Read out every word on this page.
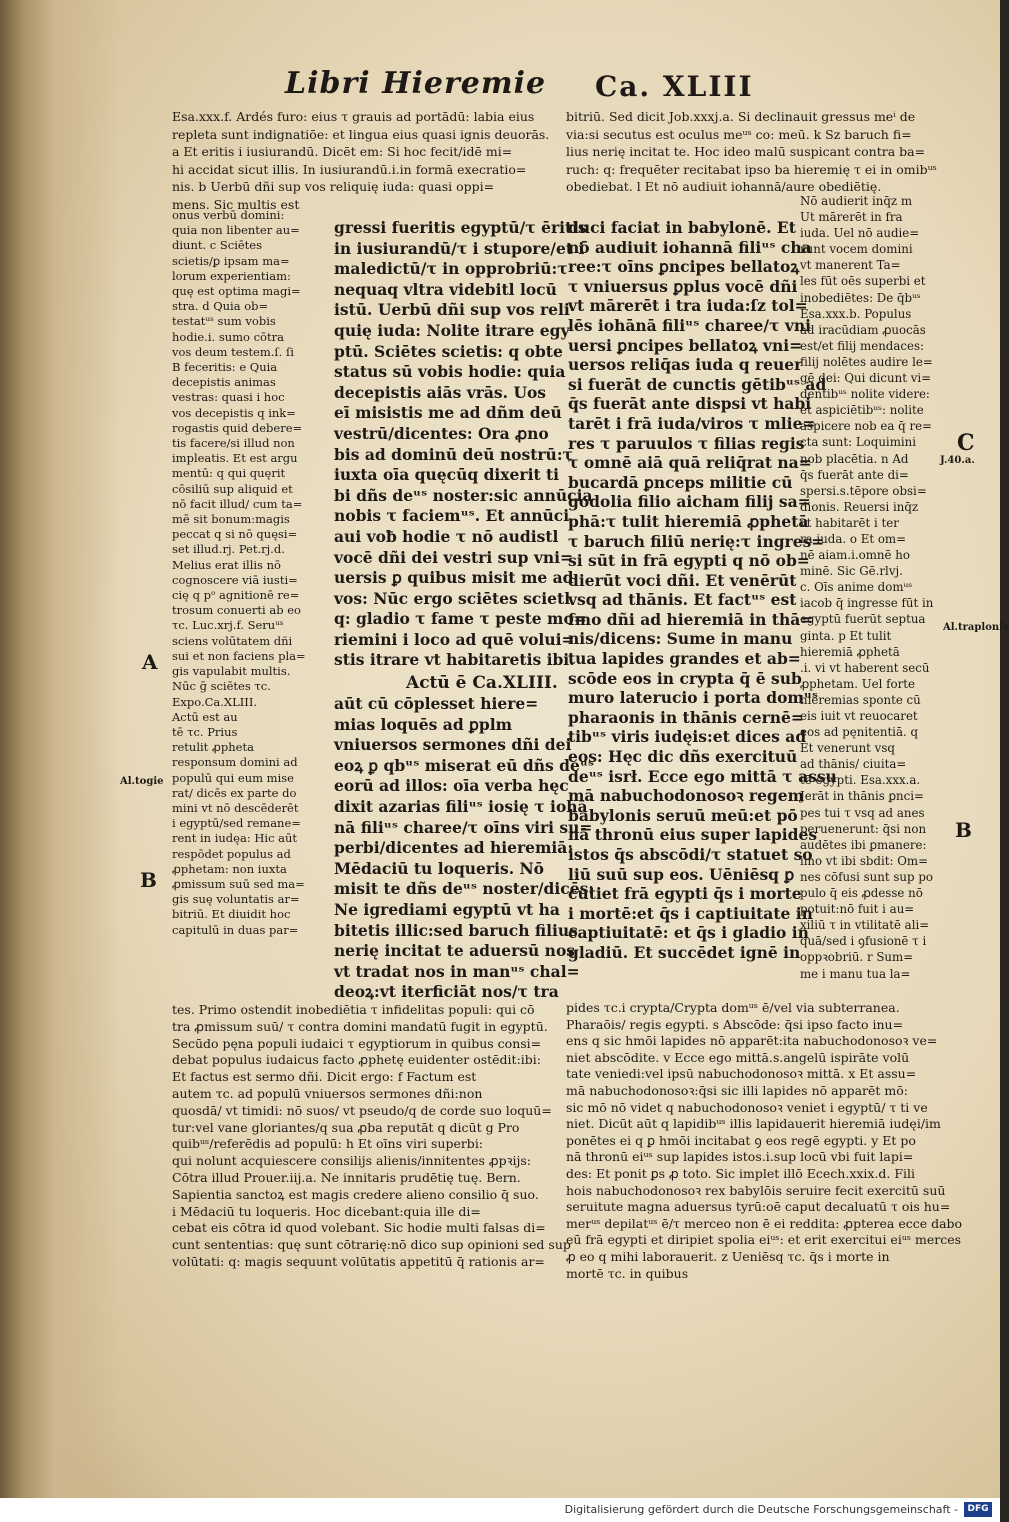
Libri Hieremie Ca. XLIII
Esa.xxx.f. Ardés furo: eius τ grauis ad portādū: labia eius
repleta sunt indignatiōe: et lingua eius quasi ignis deuorās.
a Et eritis i iusiurandū. Dicēt em: Si hoc fecit/idē mi=
hi accidat sicut illis. In iusiurandū.i.in formā execratio=
nis. b Uerbū dñi sup vos reliquię iuda: quasi oppi=
mens. Sic multis est
bitriū. Sed dicit Job.xxxj.a. Si declinauit gressus meⁱ de
via:si secutus est oculus meᵘˢ co: meū. k Sz baruch fi=
lius nerię incitat te. Hoc ideo malū suspicant contra ba=
ruch: q: frequēter recitabat ipso ba hieremię τ ei in omibᵘˢ
obediebat. l Et nō audiuit iohannā/aure obediētię.
onus verbū domini:
quia non libenter au=
diunt. c Sciētes
scietis/ꝑ ipsam ma=
lorum experientiam:
quę est optima magi=
stra. d Quia ob=
testatᵘˢ sum vobis
hodie.i. sumo cōtra
vos deum testem.ſ. ſi
B feceritis: e Quia
decepistis animas
vestras: quasi i hoc
vos decepistis q ink=
rogastis quid debere=
tis facere/si illud non
impleatis. Et est argu
mentū: q qui quęrit
cōsiliū sup aliquid et
nō facit illud/ cum ta=
mē sit bonum:magis
peccat q si nō quęsi=
set illud.rj. Pet.rj.d.
Melius erat illis nō
cognoscere viā iusti=
cię q pᵒ agnitionē re=
trosum conuerti ab eo
τc. Luc.xrj.f. Seruᵘˢ
sciens volūtatem dñi
sui et non faciens pla=
gis vapulabit multis.
Nūc ḡ sciētes τc.
Expo.Ca.XLIII.
Actū est au
tē τc. Prius
retulit ꝓpheta
responsum domini ad
populū qui eum mise
rat/ dicēs ex parte do
mini vt nō descēderēt
i egyptū/sed remane=
rent in iudęa: Hic aūt
respōdet populus ad
ꝓphetam: non iuxta
ꝓmissum suū sed ma=
gis suę voluntatis ar=
bitriū. Et diuidit hoc
capitulū in duas par=
gressi fueritis egyptū/τ ēritis
in iusiurandū/τ i stupore/et i
maledictū/τ in opprobriū:τ
nequaq vltra videbitl locū
istū. Uerbū dñi sup vos reli
quię iuda: Nolite itrare egy
ptū. Sciētes scietis: q obte
status sū vobis hodie: quia
decepistis aiās vrās. Uos
eī misistis me ad dñm deū
vestrū/dicentes: Ora ꝓno
bis ad dominū deū nostrū:τ
iuxta oīa quęcūq dixerit ti
bi dñs deᵘˢ noster:sic annūcia
nobis τ faciemᵘˢ. Et annūci
aui voƀ hodie τ nō audistl
vocē dñi dei vestri sup vni=
uersis ꝑ quibus misit me ad
vos: Nūc ergo sciētes scietl
q: gladio τ fame τ peste mo=
riemini i loco ad quē volui=
stis itrare vt habitaretis ibi.
Actū ē Ca.XLIII.
aūt cū cōplesset hiere=
mias loquēs ad ꝑplm
vniuersos sermones dñi dei
eoꝝ ꝑ qbᵘˢ miserat eū dñs deᵘˢ
eorū ad illos: oīa verba hęc
dixit azarias filiᵘˢ iosię τ iohā
nā filiᵘˢ charee/τ oīns viri su=
perbi/dicentes ad hieremiā:
Mēdaciū tu loqueris. Nō
misit te dñs deᵘˢ noster/dicēs:
Ne igrediami egyptū vt ha
bitetis illic:sed baruch filius
nerię incitat te aduersū nos
vt tradat nos in manᵘˢ chal=
deoꝝ:vt iterficiāt nos/τ tra
duci faciat in babylonē. Et
nō audiuit iohannā filiᵘˢ cha
ree:τ oīns ꝑncipes bellatoꝝ
τ vniuersus ꝑplus vocē dñi
vt mārerēt i tra iuda:ſz tol=
lēs iohānā filiᵘˢ charee/τ vni
uersi ꝑncipes bellatoꝝ vni=
uersos reliq̄as iuda q reuer
si fuerāt de cunctis gētibᵘˢ ad
q̄s fuerāt ante dispsi vt habi
tarēt i frā iuda/viros τ mlie=
res τ paruulos τ filias regis
τ omnē aiā quā reliq̄rat na=
bucardā ꝑnceps militie cū
godolia filio aicham filij sa=
phā:τ tulit hieremiā ꝓphetā
τ baruch filiū nerię:τ ingres=
si sūt in frā egypti q nō ob=
dierūt voci dñi. Et venērūt
vsq ad thānis. Et factᵘˢ est
fmo dñi ad hieremiā in thā=
nis/dicens: Sume in manu
tua lapides grandes et ab=
scōde eos in crypta q̄ ē sub
muro laterucio i porta domᵘˢ
pharaonis in thānis cernē=
tibᵘˢ viris iudęis:et dices ad
eos: Hęc dic dñs exercituū
deᵘˢ isrł. Ecce ego mittā τ assu
mā nabuchodonosoꝛ regem
babylonis seruū meū:et pō
nā thronū eius super lapides
istos q̄s abscōdi/τ statuet so
liū suū sup eos. Uēniēsq ꝑ
cutiet frā egypti q̄s i morte
i mortē:et q̄s i captiuitate in
captiuitatē: et q̄s i gladio in
gladiū. Et succēdet ignē in
Nō audierit inq̄z m
Ut mārerēt in fra
iuda. Uel nō audie=
runt vocem domini
vt manerent Ta=
les fūt oēs superbi et
inobediētes: De q̄bᵘˢ
Esa.xxx.b. Populus
ad iracūdiam ꝓuocās
est/et filij mendaces:
filij nolētes audire le=
gē dei: Qui dicunt vi=
dentibᵘˢ nolite videre:
et aspiciētibᵘˢ: nolite
aspicere nob ea q̄ re=
cta sunt: Loquimini
nob placētia. n Ad
q̄s fuerāt ante di=
spersi.s.tēpore obsi=
dionis. Reuersi inq̄z
vt habitarēt i ter
ra iuda. o Et om=
nē aiam.i.omnē ho
minē. Sic Gē.rlvj.
c. Oīs anime domᵘˢ
iacob q̄ ingresse fūt in
egyptū fuerūt septua
ginta. p Et tulit
hieremiā ꝓphetā
.i. vi vt haberent secū
ꝓphetam. Uel forte
hieremias sponte cū
eis iuit vt reuocaret
eos ad pęnitentiā. q
Et venerunt vsq
ad thānis/ ciuita=
tē egypti. Esa.xxx.a.
Jerāt in thānis ꝑnci=
pes tui τ vsq ad anes
peruenerunt: q̄si non
audētes ibi ꝑmanere:
imo vt ibi sbdit: Om=
nes cōfusi sunt sup po
pulo q̄ eis ꝓdesse nō
potuit:nō fuit i au=
xiliū τ in vtilitatē ali=
quā/sed i ꝯfusionē τ i
oppꝛobriū. r Sum=
me i manu tua la=
tes. Primo ostendit inobediētia τ infidelitas populi: qui cō
tra ꝓmissum suū/ τ contra domini mandatū fugit in egyptū.
Secūdo pęna populi iudaici τ egyptiorum in quibus consi=
debat populus iudaicus facto ꝓphetę euidenter ostēdit:ibi:
Et factus est sermo dñi. Dicit ergo: f Factum est
autem τc. ad populū vniuersos sermones dñi:non
quosdā/ vt timidi: nō suos/ vt pseudo/q de corde suo loquū=
tur:vel vane gloriantes/q sua ꝓba reputāt q dicūt g Pro
quibᵘˢ/referēdis ad populū: h Et oīns viri superbi:
qui nolunt acquiescere consilijs alienis/innitentes ꝓpꝛijs:
Cōtra illud Prouer.iij.a. Ne innitaris prudētię tuę. Bern.
Sapientia sanctoꝝ est magis credere alieno consilio q̄ suo.
i Mēdaciū tu loqueris. Hoc dicebant:quia ille di=
cebat eis cōtra id quod volebant. Sic hodie multi falsas di=
cunt sententias: quę sunt cōtrarię:nō dico sup opinioni sed sup
volūtati: q: magis sequunt volūtatis appetitū q̄ rationis ar=
pides τc.i crypta/Crypta domᵘˢ ē/vel via subterranea.
Pharaōis/ regis egypti. s Abscōde: q̄si ipso facto inu=
ens q sic hmōi lapides nō apparēt:ita nabuchodonosoꝛ ve=
niet abscōdite. v Ecce ego mittā.s.angelū ispirāte volū
tate veniedi:vel ipsū nabuchodonosoꝛ mittā. x Et assu=
mā nabuchodonosoꝛ:q̄si sic illi lapides nō apparēt mō:
sic mō nō videt q nabuchodonosoꝛ veniet i egyptū/ τ ti ve
niet. Dicūt aūt q lapidibᵘˢ illis lapidauerit hieremiā iudęi/im
ponētes ei q ꝑ hmōi incitabat ꝯ eos regē egypti. y Et po
nā thronū eiᵘˢ sup lapides istos.i.sup locū vbi fuit lapi=
des: Et ponit ꝑs ꝓ toto. Sic implet illō Ecech.xxix.d. Fili
hois nabuchodonosoꝛ rex babylōis seruire fecit exercitū suū
seruitute magna aduersus tyrū:oē caput decaluatū τ ois hu=
merᵘˢ depilatᵘˢ ē/τ merceo non ē ei reddita: ꝓpterea ecce dabo
eū frā egypti et diripiet spolia eiᵘˢ: et erit exercitui eiᵘˢ merces
ꝓ eo q mihi laborauerit. z Ueniēsq τc. q̄s i morte in
mortē τc. in quibus
C
J.40.a.
Al.traplonis
Al.togie
A
B
B
Digitalisierung gefördert durch die Deutsche Forschungsgemeinschaft -	DFG
